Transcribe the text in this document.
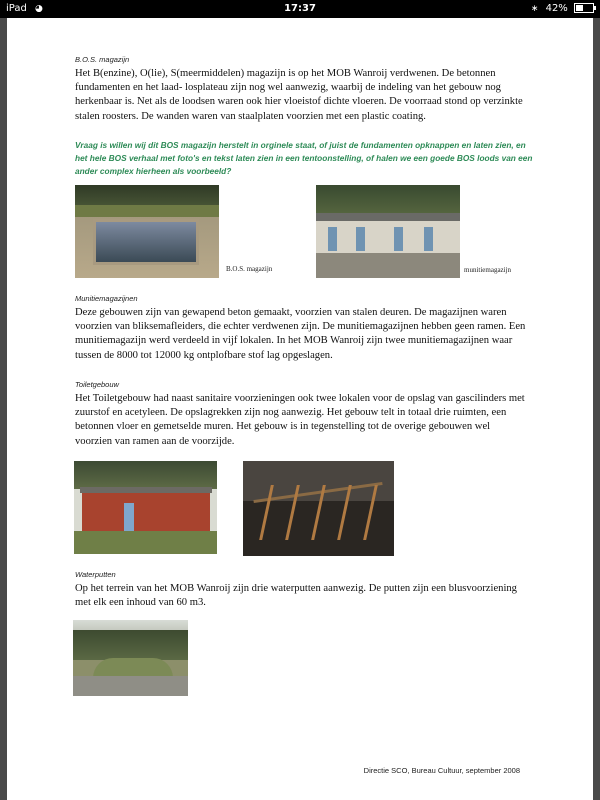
iPad ◕	17:37	∗ 42%
B.O.S. magazijn
Het B(enzine), O(lie), S(meermiddelen) magazijn is op het MOB Wanroij verdwenen. De betonnen fundamenten en het laad- losplateau zijn nog wel aanwezig, waarbij de indeling van het gebouw nog herkenbaar is. Net als de loodsen waren ook hier vloeistof dichte vloeren. De voorraad stond op verzinkte stalen roosters. De wanden waren van staalplaten voorzien met een plastic coating.
Vraag is willen wij dit BOS magazijn herstelt in orginele staat, of juist de fundamenten opknappen en laten zien, en het hele BOS verhaal met foto's en tekst laten zien in een tentoonstelling, of halen we een goede BOS loods van een ander complex hierheen als voorbeeld?
B.O.S. magazijn	munitiemagazijn
Munitiemagazijnen
Deze gebouwen zijn van gewapend beton gemaakt, voorzien van stalen deuren. De magazijnen waren voorzien van bliksemafleiders, die echter verdwenen zijn. De munitiemagazijnen hebben geen ramen. Een munitiemagazijn werd verdeeld in vijf lokalen. In het MOB Wanroij zijn twee munitiemagazijnen waar tussen de 8000 tot 12000 kg ontplofbare stof lag opgeslagen.
Toiletgebouw
Het Toiletgebouw had naast sanitaire voorzieningen ook twee lokalen voor de opslag van gascilinders met zuurstof en acetyleen. De opslagrekken zijn nog aanwezig. Het gebouw telt in totaal drie ruimten, een betonnen vloer en gemetselde muren. Het gebouw is in tegenstelling tot de overige gebouwen wel voorzien van ramen aan de voorzijde.
Waterputten
Op het terrein van het MOB Wanroij zijn drie waterputten aanwezig. De putten zijn een blusvoorziening met elk een inhoud van 60 m3.
Directie SCO, Bureau Cultuur, september 2008
